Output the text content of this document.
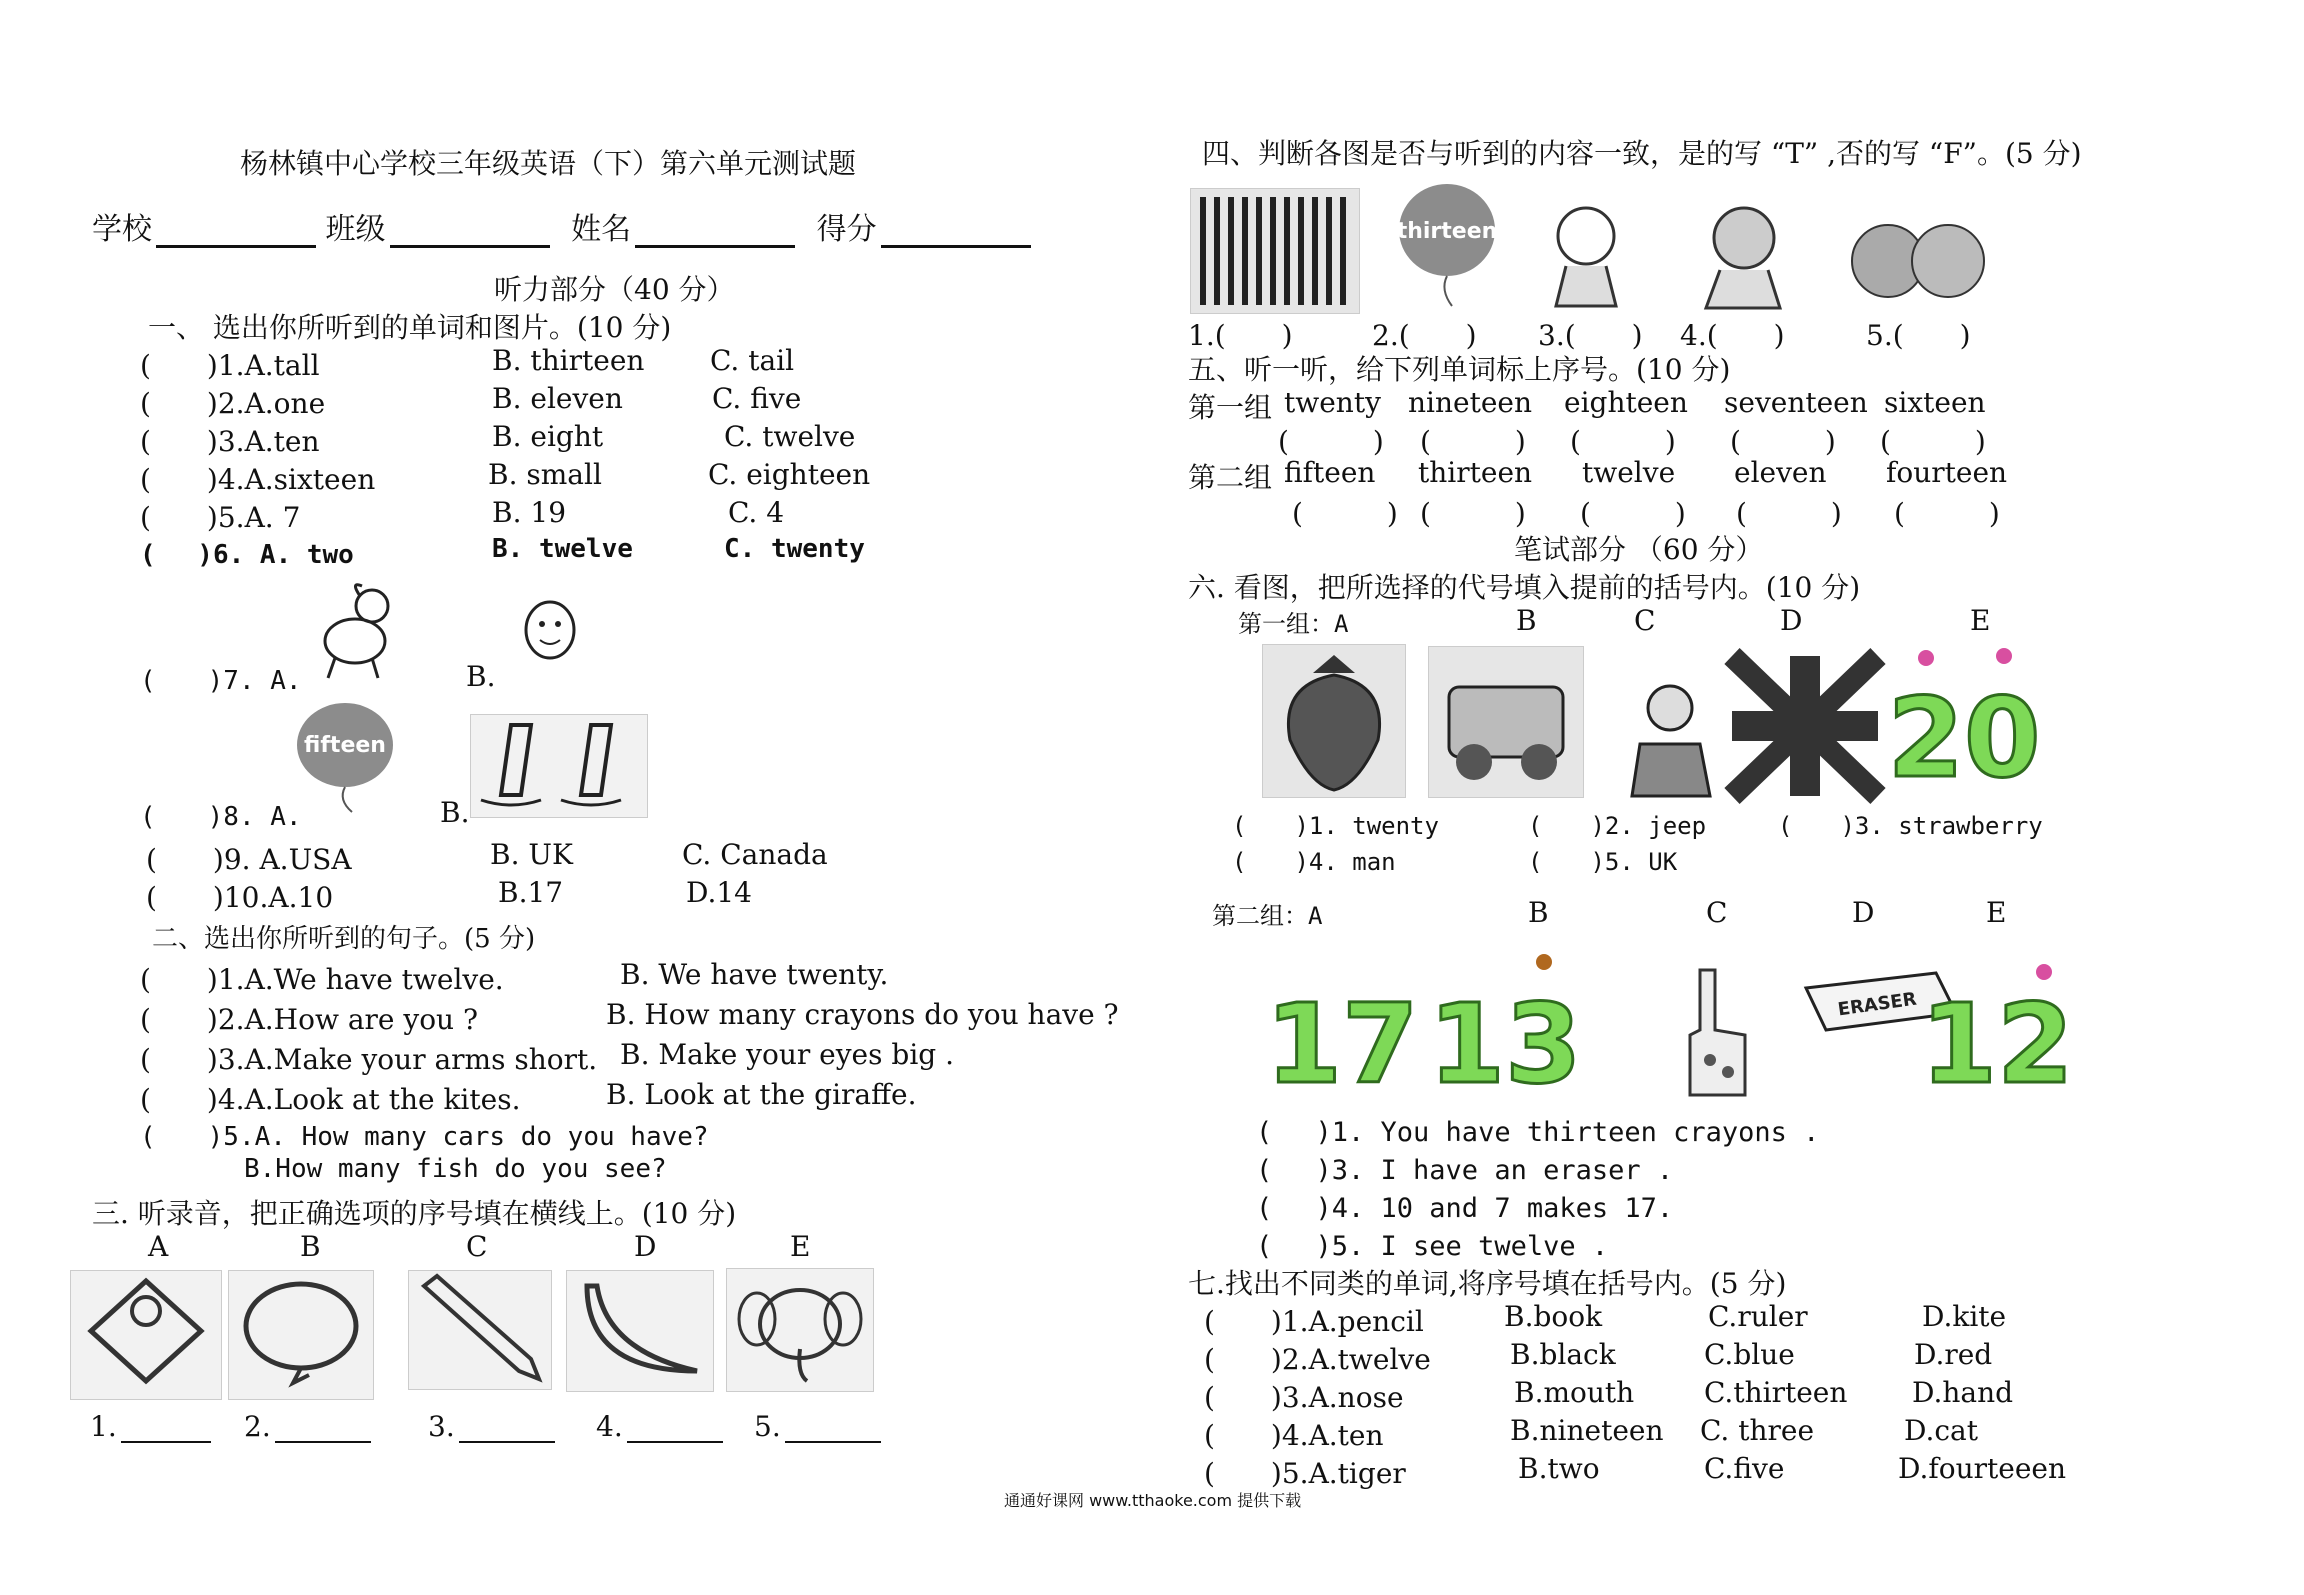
杨林镇中心学校三年级英语（下）第六单元测试题
学校	班级	姓名	得分
听力部分（40 分）
一、 选出你所听到的单词和图片。(10 分)
(　　)1.A.tall	B. thirteen C. tail
(　　)2.A.one	B. eleven	C. five
(　　)3.A.ten	B. eight	C. twelve
(　　)4.A.sixteen	B. small	C. eighteen
(　　)5.A. 7	B. 19	C. 4
(　 )6. A. two	B. twelve	C. twenty
(　　)7. A.	B.
(　　)8. A.
fifteen
B.
(　　)9. A.USA	B. UK	C. Canada
(　　)10.A.10	B.17	D.14
二、选出你所听到的句子。(5 分)
(　　)1.A.We have twelve.	B. We have twenty.
(　　)2.A.How are you ?	B. How many crayons do you have ?
(　　)3.A.Make your arms short. B. Make your eyes big .
(　　)4.A.Look at the kites.	B. Look at the giraffe.
(　　)5.A. How many cars do you have?
B.How many fish do you see?
三. 听录音，把正确选项的序号填在横线上。(10 分)
A	B	C	D	E
1.	2.	3.	4.	5.
四、判断各图是否与听到的内容一致，是的写 “T” ,否的写 “F”。(5 分)
thirteen
1.(　　)	2.(　　) 3.(　　) 4.(　　)	5.(　　)
五、听一听，给下列单词标上序号。(10 分)
第一组 twenty nineteen eighteen seventeen sixteen
(　　　) (　　　) (　　　) (　　　) (　　　)
第二组 fifteen thirteen twelve eleven fourteen
(　　　) (　　　) (　　　) (　　　) (　　　)
笔试部分 （60 分）
六. 看图，把所选择的代号填入提前的括号内。(10 分)
第一组：A	B	C	D	E
20
(　　)1. twenty	(　　)2. jeep	(　　)3. strawberry
(　　)4. man	(　　)5. UK
第二组：A	B	C	D	E
17 13	ERASER 12
(　 )1. You have thirteen crayons .
(　 )3. I have an eraser .
(　 )4. 10 and 7 makes 17.
(　 )5. I see twelve .
七.找出不同类的单词,将序号填在括号内。(5 分)
(　　)1.A.pencil	B.book	C.ruler	D.kite
(　　)2.A.twelve	B.black	C.blue	D.red
(　　)3.A.nose	B.mouth C.thirteen D.hand
(　　)4.A.ten	B.nineteen C. three	D.cat
(　　)5.A.tiger	B.two	C.five	D.fourteeen
通通好课网 www.tthaoke.com 提供下载
